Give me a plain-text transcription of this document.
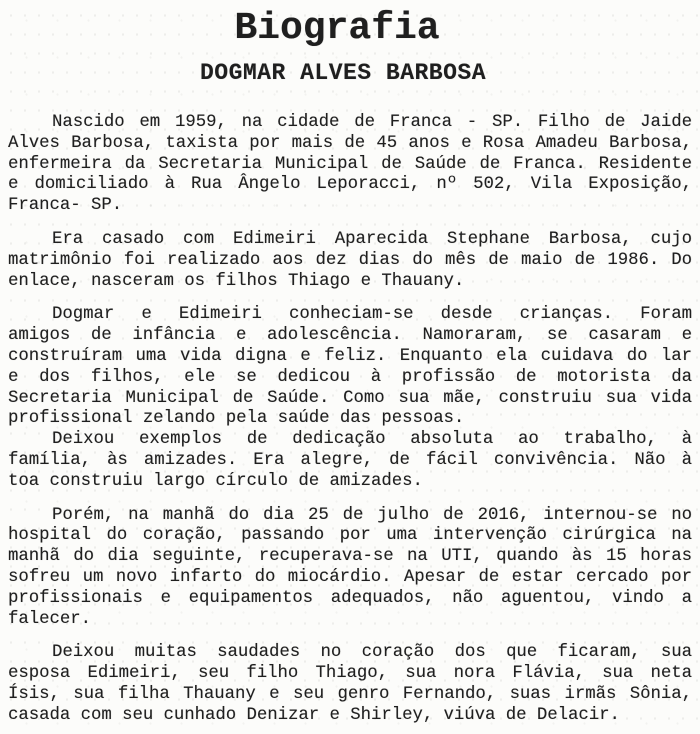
Biografia
DOGMAR ALVES BARBOSA

Nascido em 1959, na cidade de Franca - SP. Filho de Jaide
Alves Barbosa, taxista por mais de 45 anos e Rosa Amadeu Barbosa,
enfermeira da Secretaria Municipal de Saúde de Franca. Residente
e domiciliado à Rua Ângelo Leporacci, nº 502, Vila Exposição,
Franca- SP.

Era casado com Edimeiri Aparecida Stephane Barbosa, cujo
matrimônio foi realizado aos dez dias do mês de maio de 1986. Do
enlace, nasceram os filhos Thiago e Thauany.

Dogmar e Edimeiri conheciam-se desde crianças. Foram
amigos de infância e adolescência. Namoraram, se casaram e
construíram uma vida digna e feliz. Enquanto ela cuidava do lar
e dos filhos, ele se dedicou à profissão de motorista da
Secretaria Municipal de Saúde. Como sua mãe, construiu sua vida
profissional zelando pela saúde das pessoas.

Deixou exemplos de dedicação absoluta ao trabalho, à
família, às amizades. Era alegre, de fácil convivência. Não à
toa construiu largo círculo de amizades.

Porém, na manhã do dia 25 de julho de 2016, internou-se no
hospital do coração, passando por uma intervenção cirúrgica na
manhã do dia seguinte, recuperava-se na UTI, quando às 15 horas
sofreu um novo infarto do miocárdio. Apesar de estar cercado por
profissionais e equipamentos adequados, não aguentou, vindo a
falecer.

Deixou muitas saudades no coração dos que ficaram, sua
esposa Edimeiri, seu filho Thiago, sua nora Flávia, sua neta
Ísis, sua filha Thauany e seu genro Fernando, suas irmãs Sônia,
casada com seu cunhado Denizar e Shirley, viúva de Delacir.
